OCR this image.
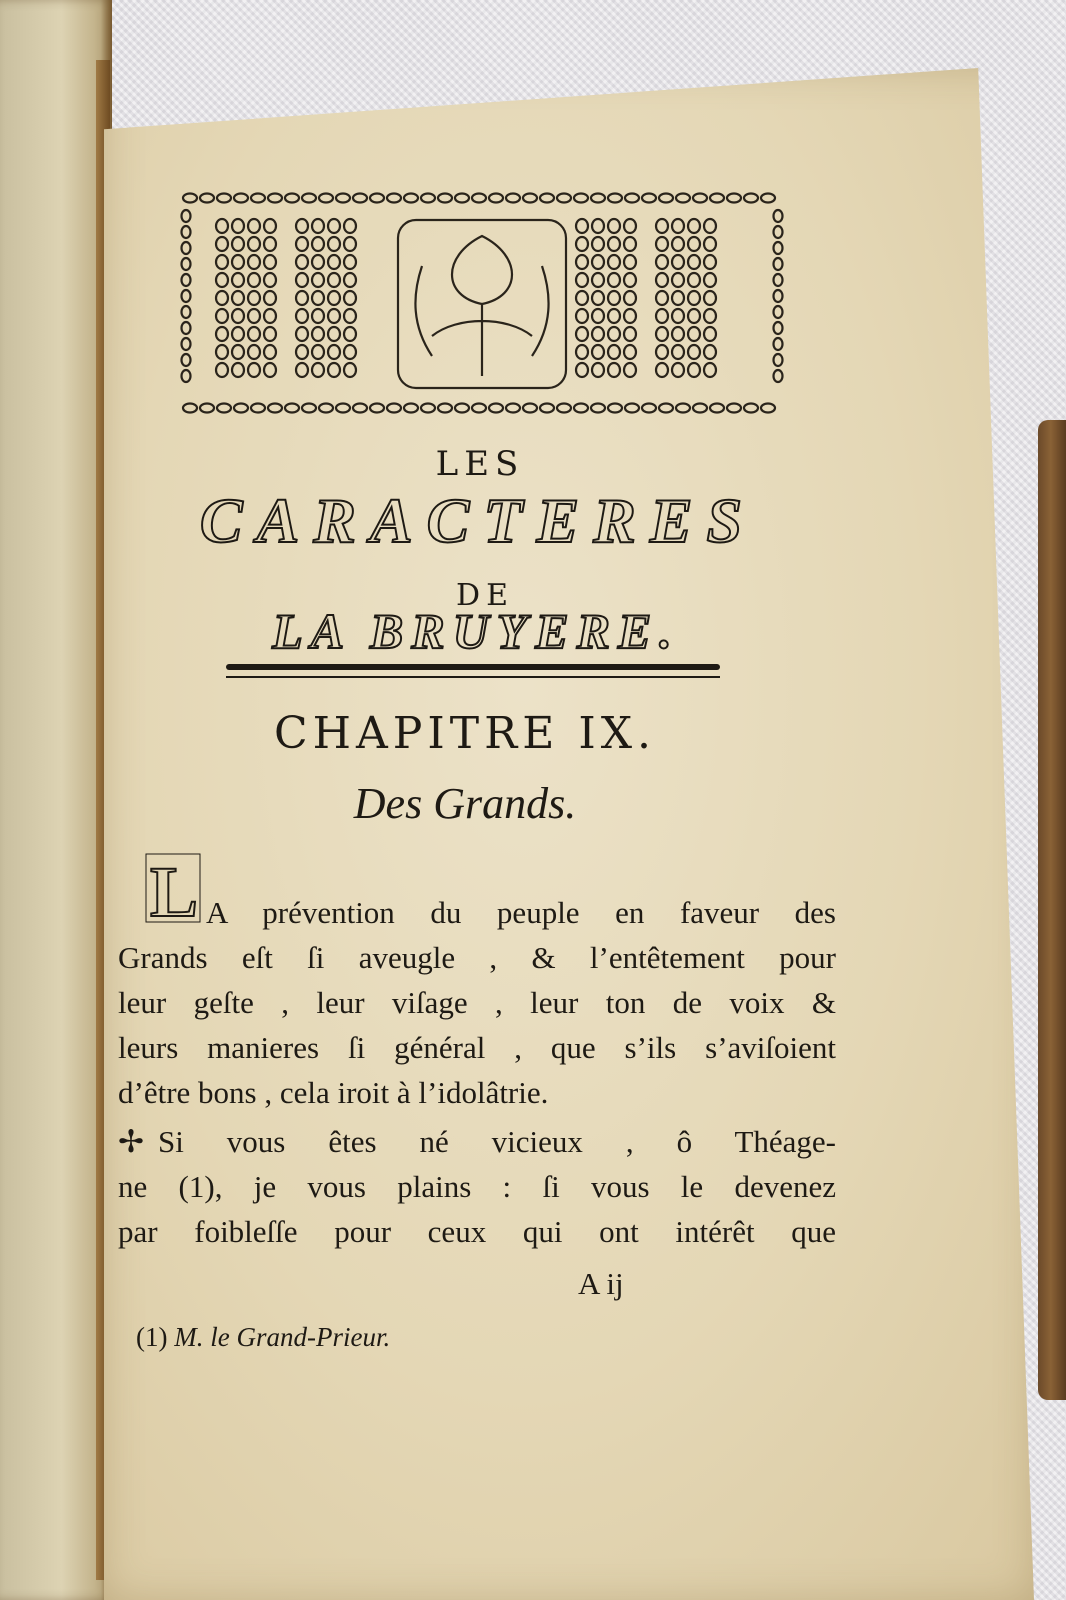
LES
CARACTERES
DE
LA BRUYERE.
CHAPITRE IX.
Des Grands.
L A prévention du peuple en faveur des
Grands eſt ſi aveugle , & l’entêtement pour
leur geſte , leur viſage , leur ton de voix &
leurs manieres ſi général , que s’ils s’aviſoient
d’être bons , cela iroit à l’idolâtrie.
✢ Si vous êtes né vicieux , ô Théage-
ne (1), je vous plains : ſi vous le devenez
par foibleſſe pour ceux qui ont intérêt que
A ij
(1) M. le Grand-Prieur.
